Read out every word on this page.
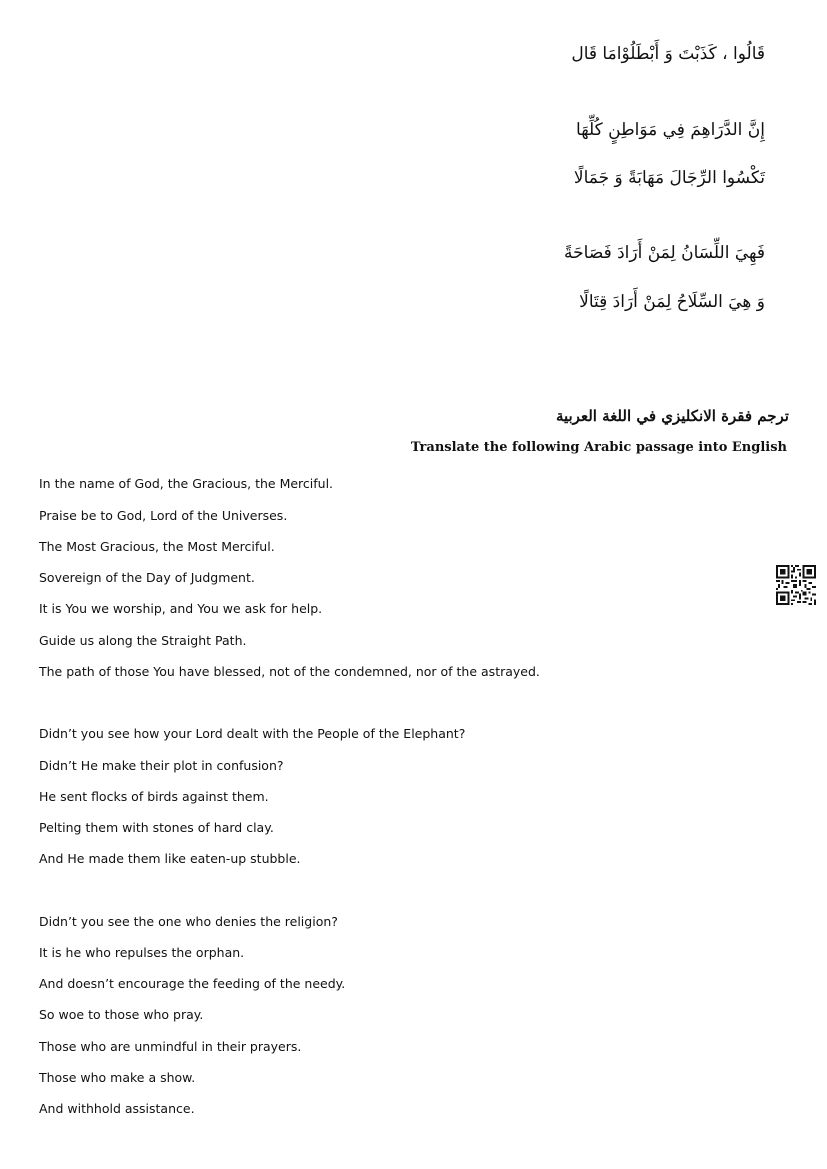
قَالُوا ، كَذَبْتَ وَ أَبْطَلُوْامَا قَال
إِنَّ الدَّرَاهِمَ فِي مَوَاطِنٍ كُلِّهَا
تَكْسُوا الرِّجَالَ مَهَابَةً وَ جَمَالًا
فَهِيَ اللِّسَانُ لِمَنْ أَرَادَ فَصَاحَةً
وَ هِيَ السِّلَاحُ لِمَنْ أَرَادَ قِتَالًا
ترجم فقرة الانكليزي في اللغة العربية
Translate the following Arabic passage into English
In the name of God, the Gracious, the Merciful.
Praise be to God, Lord of the Universes.
The Most Gracious, the Most Merciful.
Sovereign of the Day of Judgment.
It is You we worship, and You we ask for help.
Guide us along the Straight Path.
The path of those You have blessed, not of the condemned, nor of the astrayed.
Didn’t you see how your Lord dealt with the People of the Elephant?
Didn’t He make their plot in confusion?
He sent flocks of birds against them.
Pelting them with stones of hard clay.
And He made them like eaten-up stubble.
Didn’t you see the one who denies the religion?
It is he who repulses the orphan.
And doesn’t encourage the feeding of the needy.
So woe to those who pray.
Those who are unmindful in their prayers.
Those who make a show.
And withhold assistance.
